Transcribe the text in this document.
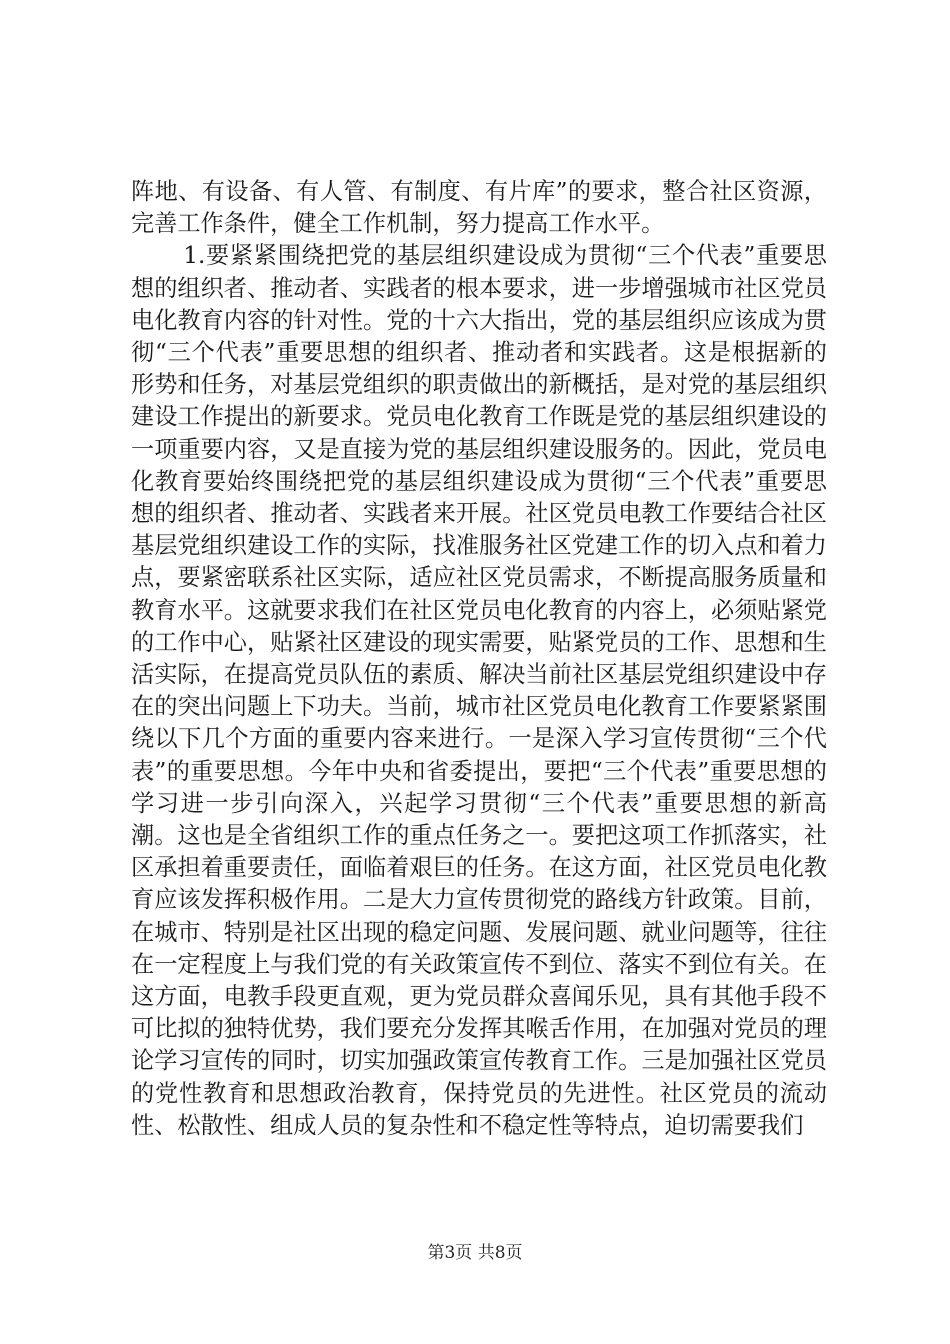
阵地、有设备、有人管、有制度、有片库”的要求，整合社区资源，完善工作条件，健全工作机制，努力提高工作水平。

1.要紧紧围绕把党的基层组织建设成为贯彻“三个代表”重要思想的组织者、推动者、实践者的根本要求，进一步增强城市社区党员电化教育内容的针对性。党的十六大指出，党的基层组织应该成为贯彻“三个代表”重要思想的组织者、推动者和实践者。这是根据新的形势和任务，对基层党组织的职责做出的新概括，是对党的基层组织建设工作提出的新要求。党员电化教育工作既是党的基层组织建设的一项重要内容，又是直接为党的基层组织建设服务的。因此，党员电化教育要始终围绕把党的基层组织建设成为贯彻“三个代表”重要思想的组织者、推动者、实践者来开展。社区党员电教工作要结合社区基层党组织建设工作的实际，找准服务社区党建工作的切入点和着力点，要紧密联系社区实际，适应社区党员需求，不断提高服务质量和教育水平。这就要求我们在社区党员电化教育的内容上，必须贴紧党的工作中心，贴紧社区建设的现实需要，贴紧党员的工作、思想和生活实际，在提高党员队伍的素质、解决当前社区基层党组织建设中存在的突出问题上下功夫。当前，城市社区党员电化教育工作要紧紧围绕以下几个方面的重要内容来进行。一是深入学习宣传贯彻“三个代表”的重要思想。今年中央和省委提出，要把“三个代表”重要思想的学习进一步引向深入，兴起学习贯彻“三个代表”重要思想的新高潮。这也是全省组织工作的重点任务之一。要把这项工作抓落实，社区承担着重要责任，面临着艰巨的任务。在这方面，社区党员电化教育应该发挥积极作用。二是大力宣传贯彻党的路线方针政策。目前，在城市、特别是社区出现的稳定问题、发展问题、就业问题等，往往在一定程度上与我们党的有关政策宣传不到位、落实不到位有关。在这方面，电教手段更直观，更为党员群众喜闻乐见，具有其他手段不可比拟的独特优势，我们要充分发挥其喉舌作用，在加强对党员的理论学习宣传的同时，切实加强政策宣传教育工作。三是加强社区党员的党性教育和思想政治教育，保持党员的先进性。社区党员的流动性、松散性、组成人员的复杂性和不稳定性等特点，迫切需要我们

第3页 共8页
